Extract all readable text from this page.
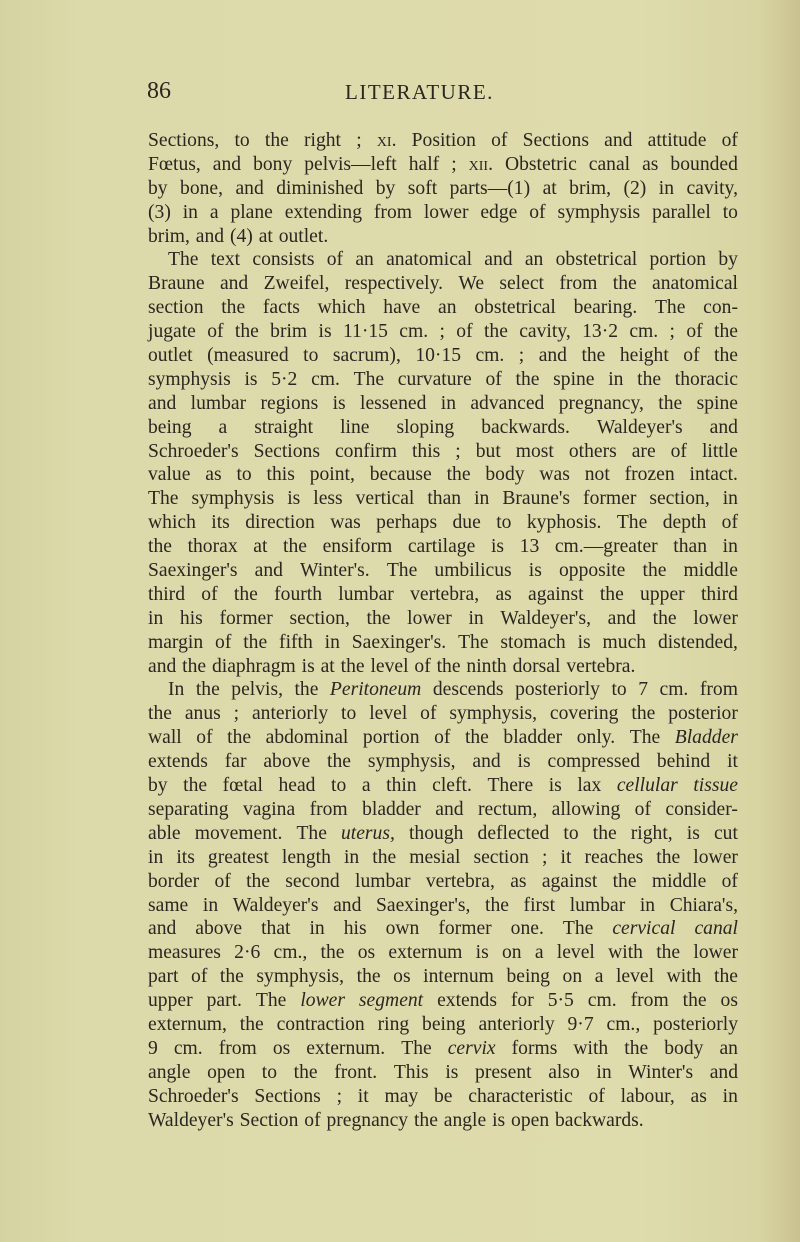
86	LITERATURE.
Sections, to the right ; xi. Position of Sections and attitude of
Fœtus, and bony pelvis—left half ; xii. Obstetric canal as bounded
by bone, and diminished by soft parts—(1) at brim, (2) in cavity,
(3) in a plane extending from lower edge of symphysis parallel to
brim, and (4) at outlet.
The text consists of an anatomical and an obstetrical portion by
Braune and Zweifel, respectively. We select from the anatomical
section the facts which have an obstetrical bearing. The con-
jugate of the brim is 11·15 cm. ; of the cavity, 13·2 cm. ; of the
outlet (measured to sacrum), 10·15 cm. ; and the height of the
symphysis is 5·2 cm. The curvature of the spine in the thoracic
and lumbar regions is lessened in advanced pregnancy, the spine
being a straight line sloping backwards. Waldeyer's and
Schroeder's Sections confirm this ; but most others are of little
value as to this point, because the body was not frozen intact.
The symphysis is less vertical than in Braune's former section, in
which its direction was perhaps due to kyphosis. The depth of
the thorax at the ensiform cartilage is 13 cm.—greater than in
Saexinger's and Winter's. The umbilicus is opposite the middle
third of the fourth lumbar vertebra, as against the upper third
in his former section, the lower in Waldeyer's, and the lower
margin of the fifth in Saexinger's. The stomach is much distended,
and the diaphragm is at the level of the ninth dorsal vertebra.
In the pelvis, the Peritoneum descends posteriorly to 7 cm. from
the anus ; anteriorly to level of symphysis, covering the posterior
wall of the abdominal portion of the bladder only. The Bladder
extends far above the symphysis, and is compressed behind it
by the fœtal head to a thin cleft. There is lax cellular tissue
separating vagina from bladder and rectum, allowing of consider-
able movement. The uterus, though deflected to the right, is cut
in its greatest length in the mesial section ; it reaches the lower
border of the second lumbar vertebra, as against the middle of
same in Waldeyer's and Saexinger's, the first lumbar in Chiara's,
and above that in his own former one. The cervical canal
measures 2·6 cm., the os externum is on a level with the lower
part of the symphysis, the os internum being on a level with the
upper part. The lower segment extends for 5·5 cm. from the os
externum, the contraction ring being anteriorly 9·7 cm., posteriorly
9 cm. from os externum. The cervix forms with the body an
angle open to the front. This is present also in Winter's and
Schroeder's Sections ; it may be characteristic of labour, as in
Waldeyer's Section of pregnancy the angle is open backwards.
